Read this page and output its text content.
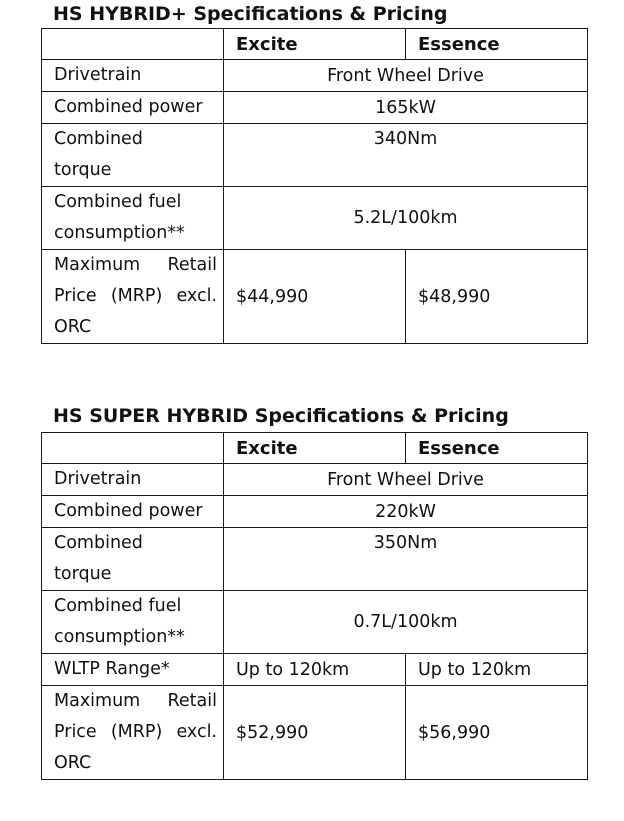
HS HYBRID+ Specifications & Pricing
	Excite	Essence
Drivetrain	Front Wheel Drive	
Combined power	165kW	

Combined torque	340Nm	

Combined fuel consumption**	5.2L/100km	
Maximum Retail Price (MRP) excl. ORC	$44,990	$48,990
HS SUPER HYBRID Specifications & Pricing
	Excite	Essence
Drivetrain	Front Wheel Drive	
Combined power	220kW	

Combined torque	350Nm	

Combined fuel consumption**	0.7L/100km	
WLTP Range*	Up to 120km	Up to 120km
Maximum Retail Price (MRP) excl. ORC	$52,990	$56,990
